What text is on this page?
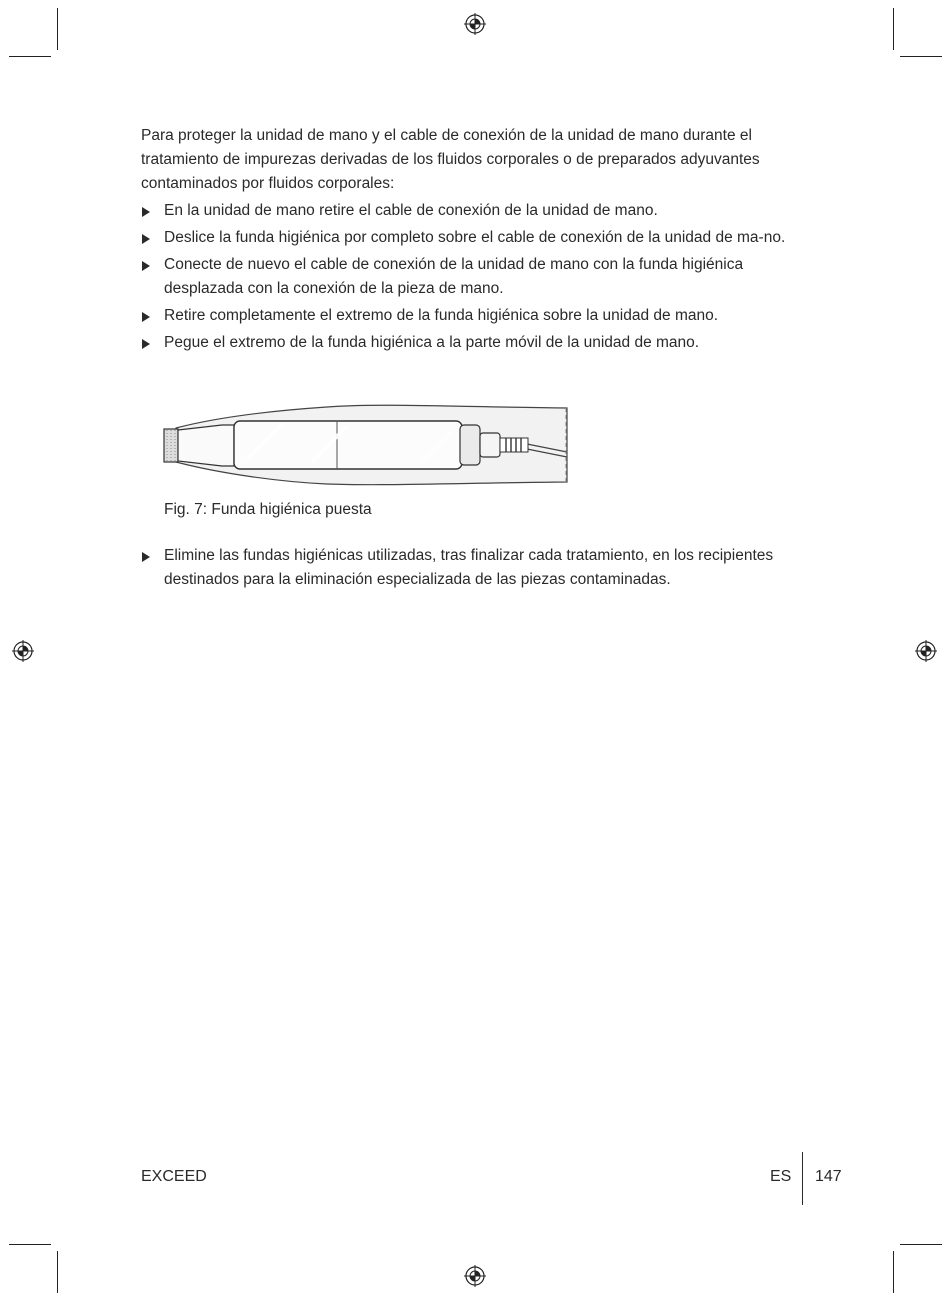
Para proteger la unidad de mano y el cable de conexión de la unidad de mano durante el tratamiento de impurezas derivadas de los fluidos corporales o de preparados adyuvantes contaminados por fluidos corporales:

En la unidad de mano retire el cable de conexión de la unidad de mano.
Deslice la funda higiénica por completo sobre el cable de conexión de la unidad de ma-no.
Conecte de nuevo el cable de conexión de la unidad de mano con la funda higiénica desplazada con la conexión de la pieza de mano.
Retire completamente el extremo de la funda higiénica sobre la unidad de mano.
Pegue el extremo de la funda higiénica a la parte móvil de la unidad de mano.
Fig. 7: Funda higiénica puesta
Elimine las fundas higiénicas utilizadas, tras finalizar cada tratamiento, en los recipientes destinados para la eliminación especializada de las piezas contaminadas.
EXCEED	ES 147
